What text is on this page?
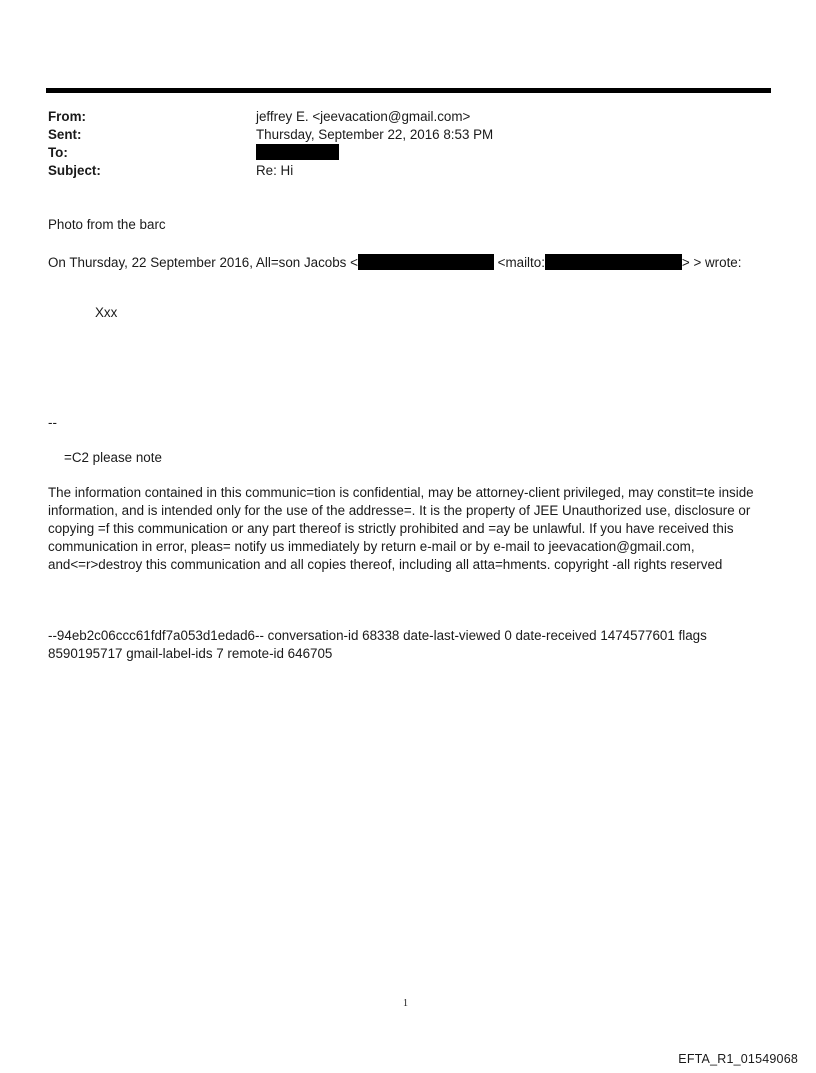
From:	jeffrey E. <jeevacation@gmail.com>
Sent:	Thursday, September 22, 2016 8:53 PM
To:
Subject:	Re: Hi
Photo from the barc
On Thursday, 22 September 2016, All=son Jacobs <	<mailto:	> > wrote:
Xxx
--
=C2 please note
The information contained in this communic=tion is confidential, may be attorney-client privileged, may constit=te inside information, and is intended only for the use of the addresse=. It is the property of JEE Unauthorized use, disclosure or copying =f this communication or any part thereof is strictly prohibited and =ay be unlawful. If you have received this communication in error, pleas= notify us immediately by return e-mail or by e-mail to jeevacation@gmail.com, and<=r>destroy this communication and all copies thereof, including all atta=hments. copyright -all rights reserved
--94eb2c06ccc61fdf7a053d1edad6-- conversation-id 68338 date-last-viewed 0 date-received 1474577601 flags 8590195717 gmail-label-ids 7 remote-id 646705
1
EFTA_R1_01549068
